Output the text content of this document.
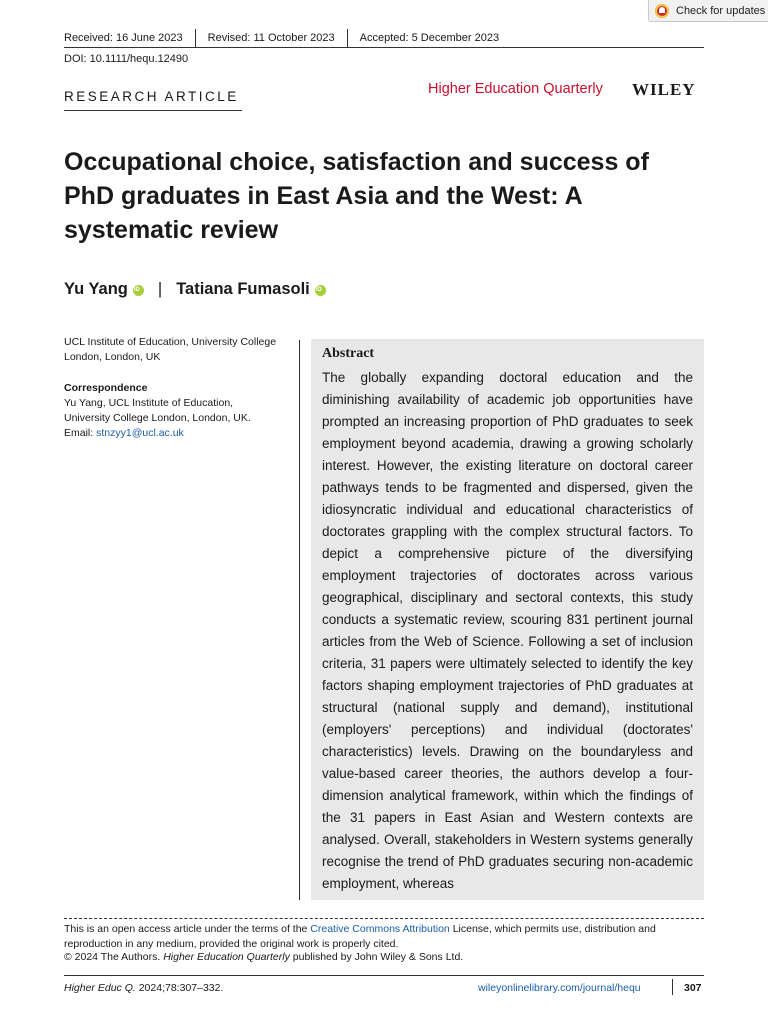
Check for updates
Received: 16 June 2023 Revised: 11 October 2023 Accepted: 5 December 2023
DOI: 10.1111/hequ.12490
RESEARCH ARTICLE	Higher Education Quarterly WILEY
Occupational choice, satisfaction and success of PhD graduates in East Asia and the West: A systematic review
Yu Yang
iD | Tatiana Fumasoli
iD
UCL Institute of Education, University College London, London, UK
Correspondence
Yu Yang, UCL Institute of Education, University College London, London, UK.
Email: stnzyy1@ucl.ac.uk
Abstract
The globally expanding doctoral education and the diminishing availability of academic job opportunities have prompted an increasing proportion of PhD graduates to seek employment beyond academia, drawing a growing scholarly interest. However, the existing literature on doctoral career pathways tends to be fragmented and dispersed, given the idiosyncratic individual and educational characteristics of doctorates grappling with the complex structural factors. To depict a comprehensive picture of the diversifying employment trajectories of doctorates across various geographical, disciplinary and sectoral contexts, this study conducts a systematic review, scouring 831 pertinent journal articles from the Web of Science. Following a set of inclusion criteria, 31 papers were ultimately selected to identify the key factors shaping employment trajectories of PhD graduates at structural (national supply and demand), institutional (employers' perceptions) and individual (doctorates' characteristics) levels. Drawing on the boundaryless and value-based career theories, the authors develop a four-dimension analytical framework, within which the findings of the 31 papers in East Asian and Western contexts are analysed. Overall, stakeholders in Western systems generally recognise the trend of PhD graduates securing non-academic employment, whereas
This is an open access article under the terms of the Creative Commons Attribution License, which permits use, distribution and reproduction in any medium, provided the original work is properly cited.
© 2024 The Authors. Higher Education Quarterly published by John Wiley & Sons Ltd.
Higher Educ Q. 2024;78:307–332.	wileyonlinelibrary.com/journal/hequ	307
